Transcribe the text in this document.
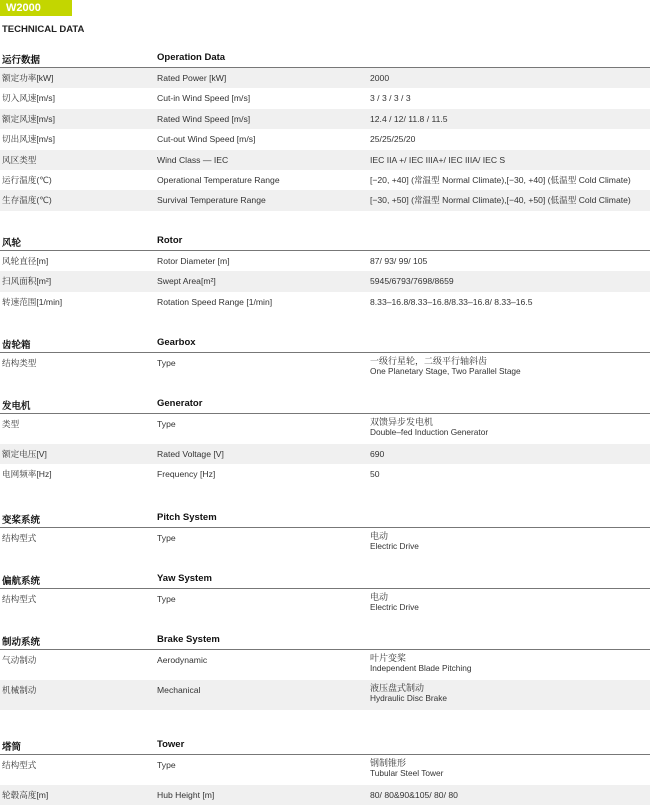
W2000
TECHNICAL DATA
运行数据	Operation Data
额定功率[kW]	Rated Power [kW]	2000
切入风速[m/s]	Cut-in Wind Speed [m/s]	3 / 3 / 3 / 3
额定风速[m/s]	Rated Wind Speed [m/s]	12.4 / 12/ 11.8 / 11.5
切出风速[m/s]	Cut-out Wind Speed [m/s]	25/25/25/20
风区类型	Wind Class — IEC	IEC IIA +/ IEC IIIA+/ IEC IIIA/ IEC S
运行温度(℃)	Operational Temperature Range	[−20, +40] (常温型 Normal Climate),[−30, +40] (低温型 Cold Climate)
生存温度(℃)	Survival Temperature Range	[−30, +50] (常温型 Normal Climate),[−40, +50] (低温型 Cold Climate)
风轮	Rotor
风轮直径[m]	Rotor Diameter [m]	87/ 93/ 99/ 105
扫风面积[m²]	Swept Area[m²]	5945/6793/7698/8659
转速范围[1/min]	Rotation Speed Range [1/min]	8.33–16.8/8.33–16.8/8.33–16.8/ 8.33–16.5
齿轮箱	Gearbox
结构类型	Type	一级行星轮，二级平行轴斜齿
One Planetary Stage, Two Parallel Stage
发电机	Generator
类型	Type	双馈异步发电机
Double–fed Induction Generator
额定电压[V]	Rated Voltage [V]	690
电网频率[Hz]	Frequency [Hz]	50
变桨系统	Pitch System
结构型式	Type	电动
Electric Drive
偏航系统	Yaw System
结构型式	Type	电动
Electric Drive
制动系统	Brake System
气动制动	Aerodynamic	叶片变桨
Independent Blade Pitching
机械制动	Mechanical	液压盘式制动
Hydraulic Disc Brake
塔筒	Tower
结构型式	Type	钢制锥形
Tubular Steel Tower
轮毂高度[m]	Hub Height [m]	80/ 80&90&105/ 80/ 80
